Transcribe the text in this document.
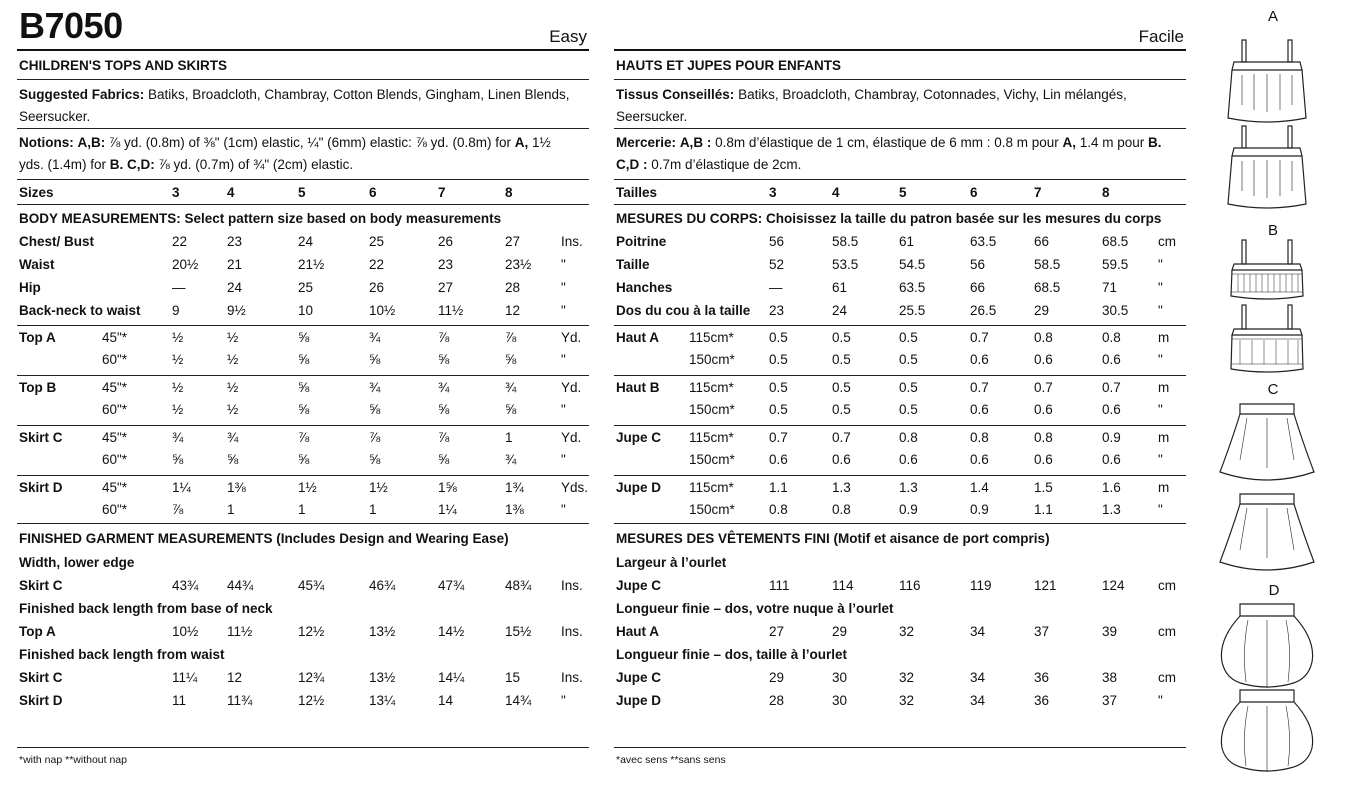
B7050	Easy
CHILDREN'S TOPS AND SKIRTS
Suggested Fabrics: Batiks, Broadcloth, Chambray, Cotton Blends, Gingham, Linen Blends, Seersucker.
Notions: A,B: ⅞ yd. (0.8m) of ⅜" (1cm) elastic, ¼" (6mm) elastic: ⅞ yd. (0.8m) for A, 1½ yds. (1.4m) for B. C,D: ⅞ yd. (0.7m) of ¾" (2cm) elastic.
*with nap **without nap
Sizes	3	4	5	6	7	8
BODY MEASUREMENTS: Select pattern size based on body measurements
Chest/ Bust	22	23	24	25	26	27	Ins.
Waist	20½ 21	21½	22	23	23½ "
Hip	—	24	25	26	27	28	"
Back-neck to waist 9	9½	10	10½	11½	12	"
Top A	45"*	½	½	⅝	¾	⅞	⅞	Yd.
60"*	½	½	⅝	⅝	⅝	⅝	"
Top B	45"*	½	½	⅝	¾	¾	¾	Yd.
60"*	½	½	⅝	⅝	⅝	⅝	"
Skirt C	45"*	¾	¾	⅞	⅞	⅞	1	Yd.
60"*	⅝	⅝	⅝	⅝	⅝	¾	"
Skirt D	45"*	1¼	1⅜	1½	1½	1⅝	1¾	Yds.
60"*	⅞	1	1	1	1¼	1⅜	"
FINISHED GARMENT MEASUREMENTS (Includes Design and Wearing Ease)
Width, lower edge
Skirt C	43¾ 44¾	45¾	46¾	47¾	48¾ Ins.
Finished back length from base of neck
Top A	10½ 11½	12½	13½	14½	15½ Ins.
Finished back length from waist
Skirt C	11¼ 12	12¾	13½	14¼	15	Ins.
Skirt D	11	11¾	12½	13¼	14	14¾ "
Facile
HAUTS ET JUPES POUR ENFANTS
Tissus Conseillés: Batiks, Broadcloth, Chambray, Cotonnades, Vichy, Lin mélangés, Seersucker.
Mercerie: A,B : 0.8m d’élastique de 1 cm, élastique de 6 mm : 0.8 m pour A, 1.4 m pour B.
C,D : 0.7m d’élastique de 2cm.
*avec sens **sans sens
Tailles	3	4	5	6	7	8
MESURES DU CORPS: Choisissez la taille du patron basée sur les mesures du corps
Poitrine	56	58.5	61	63.5	66	68.5 cm
Taille	52	53.5	54.5	56	58.5	59.5 "
Hanches	—	61	63.5	66	68.5	71	"
Dos du cou à la taille 23	24	25.5	26.5	29	30.5 "
Haut A 115cm*	0.5	0.5	0.5	0.7	0.8	0.8	m
150cm*	0.5	0.5	0.5	0.6	0.6	0.6	"
Haut B 115cm*	0.5	0.5	0.5	0.7	0.7	0.7	m
150cm*	0.5	0.5	0.5	0.6	0.6	0.6	"
Jupe C 115cm*	0.7	0.7	0.8	0.8	0.8	0.9	m
150cm*	0.6	0.6	0.6	0.6	0.6	0.6	"
Jupe D 115cm*	1.1	1.3	1.3	1.4	1.5	1.6	m
150cm*	0.8	0.8	0.9	0.9	1.1	1.3	"
MESURES DES VÊTEMENTS FINI (Motif et aisance de port compris)
Largeur à l’ourlet
Jupe C	111	114	116	119	121	124 cm
Longueur finie – dos, votre nuque à l’ourlet
Haut A	27	29	32	34	37	39	cm
Longueur finie – dos, taille à l’ourlet
Jupe C	29	30	32	34	36	38	cm
Jupe D	28	30	32	34	36	37	"
A
B
C
D
